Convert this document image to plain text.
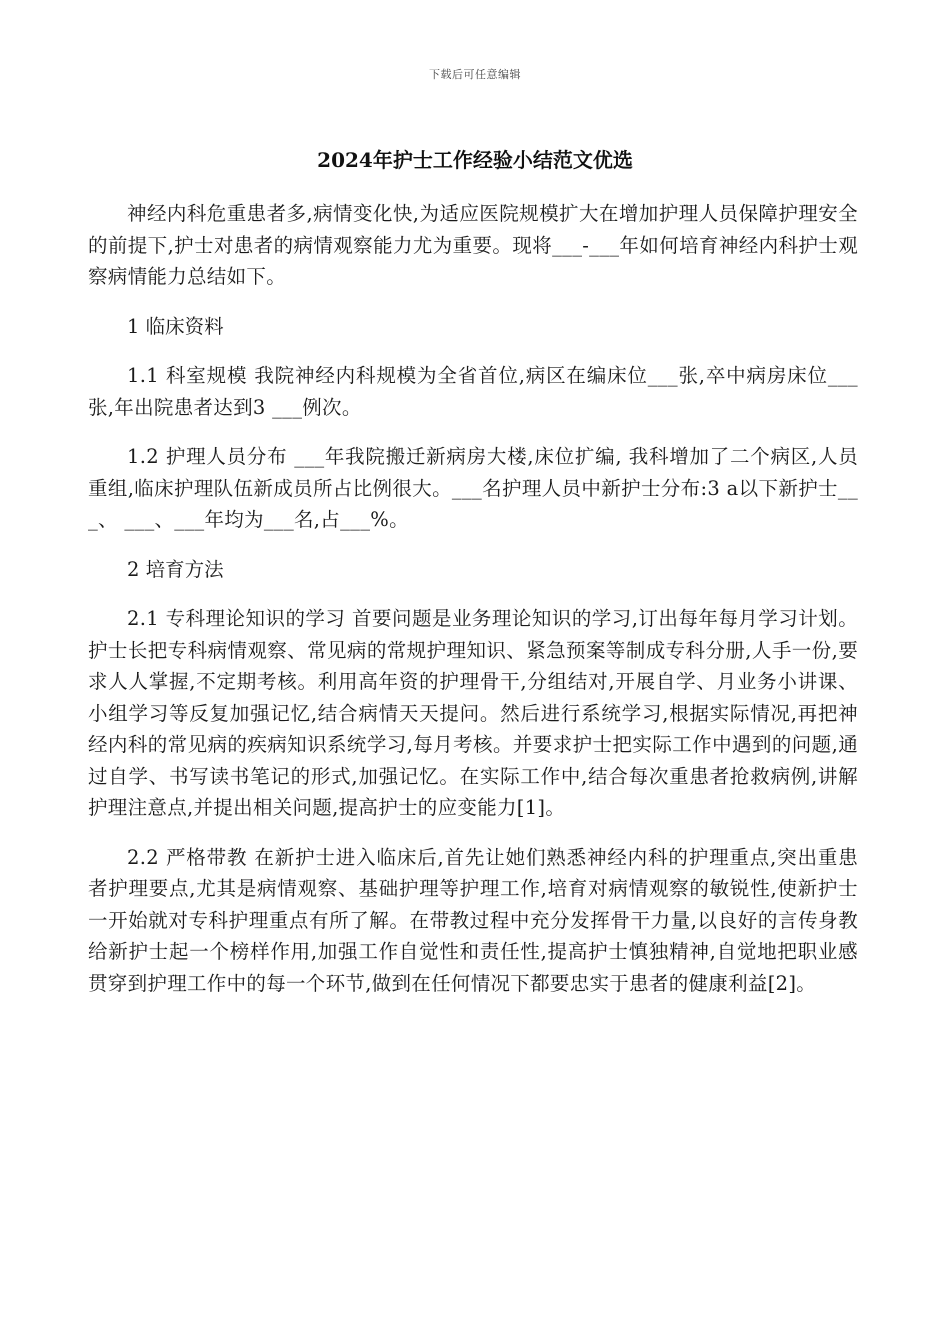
下载后可任意编辑
2024年护士工作经验小结范文优选

神经内科危重患者多,病情变化快,为适应医院规模扩大在增加护理人员保障护理安全的前提下,护士对患者的病情观察能力尤为重要。现将___-___年如何培育神经内科护士观察病情能力总结如下。

1 临床资料

1.1 科室规模 我院神经内科规模为全省首位,病区在编床位___张,卒中病房床位___张,年出院患者达到3 ___例次。

1.2 护理人员分布 ___年我院搬迁新病房大楼,床位扩编, 我科增加了二个病区,人员重组,临床护理队伍新成员所占比例很大。___名护理人员中新护士分布:3 a以下新护士___、 ___、___年均为___名,占___%。

2 培育方法

2.1 专科理论知识的学习 首要问题是业务理论知识的学习,订出每年每月学习计划。护士长把专科病情观察、常见病的常规护理知识、紧急预案等制成专科分册,人手一份,要求人人掌握,不定期考核。利用高年资的护理骨干,分组结对,开展自学、月业务小讲课、小组学习等反复加强记忆,结合病情天天提问。然后进行系统学习,根据实际情况,再把神经内科的常见病的疾病知识系统学习,每月考核。并要求护士把实际工作中遇到的问题,通过自学、书写读书笔记的形式,加强记忆。在实际工作中,结合每次重患者抢救病例,讲解护理注意点,并提出相关问题,提高护士的应变能力[1]。

2.2 严格带教 在新护士进入临床后,首先让她们熟悉神经内科的护理重点,突出重患者护理要点,尤其是病情观察、基础护理等护理工作,培育对病情观察的敏锐性,使新护士一开始就对专科护理重点有所了解。在带教过程中充分发挥骨干力量,以良好的言传身教给新护士起一个榜样作用,加强工作自觉性和责任性,提高护士慎独精神,自觉地把职业感贯穿到护理工作中的每一个环节,做到在任何情况下都要忠实于患者的健康利益[2]。
